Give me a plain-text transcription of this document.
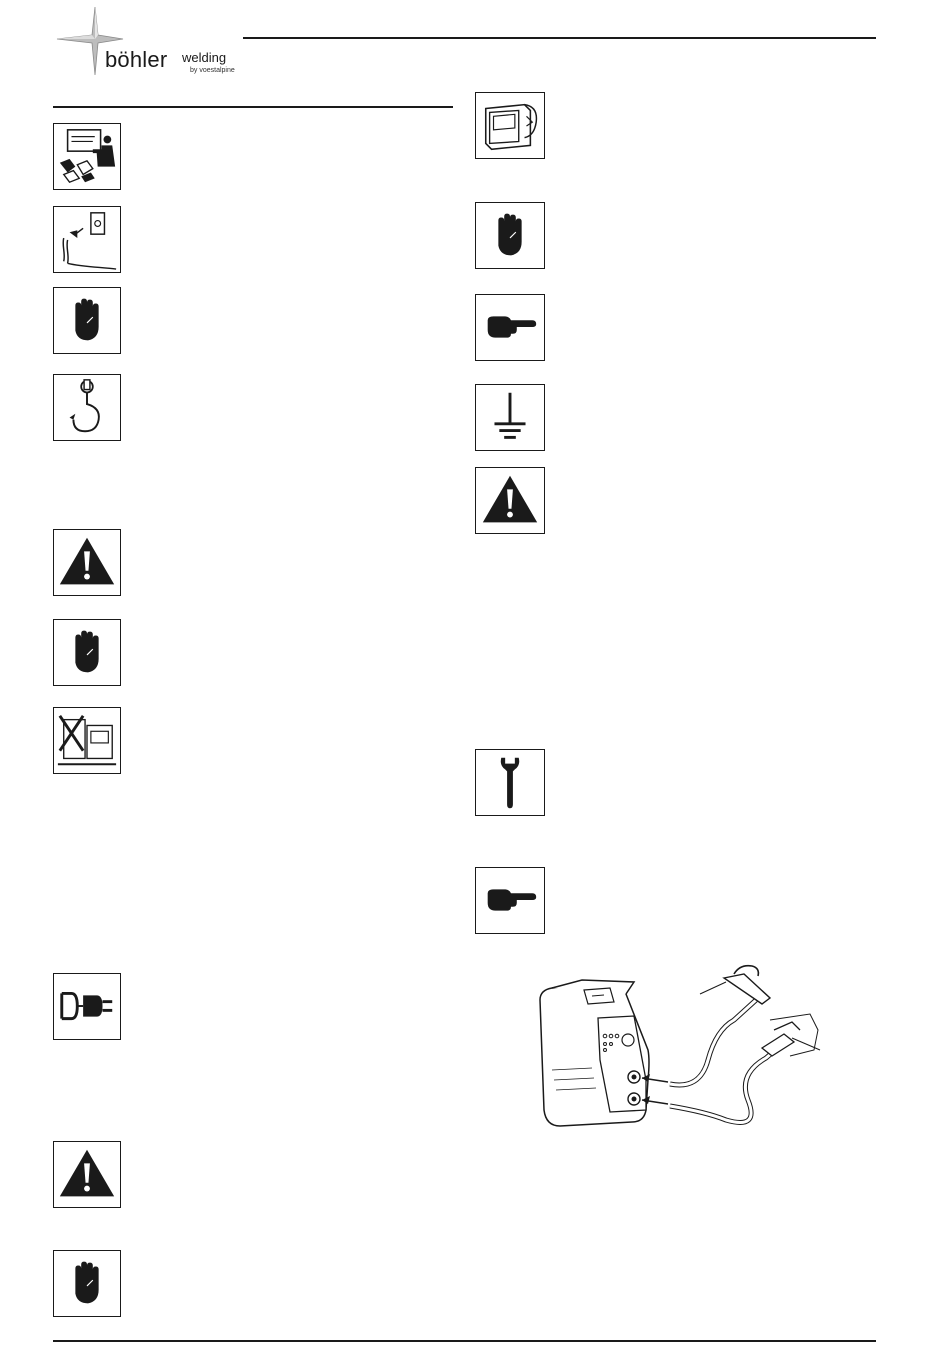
böhler welding
by voestalpine
